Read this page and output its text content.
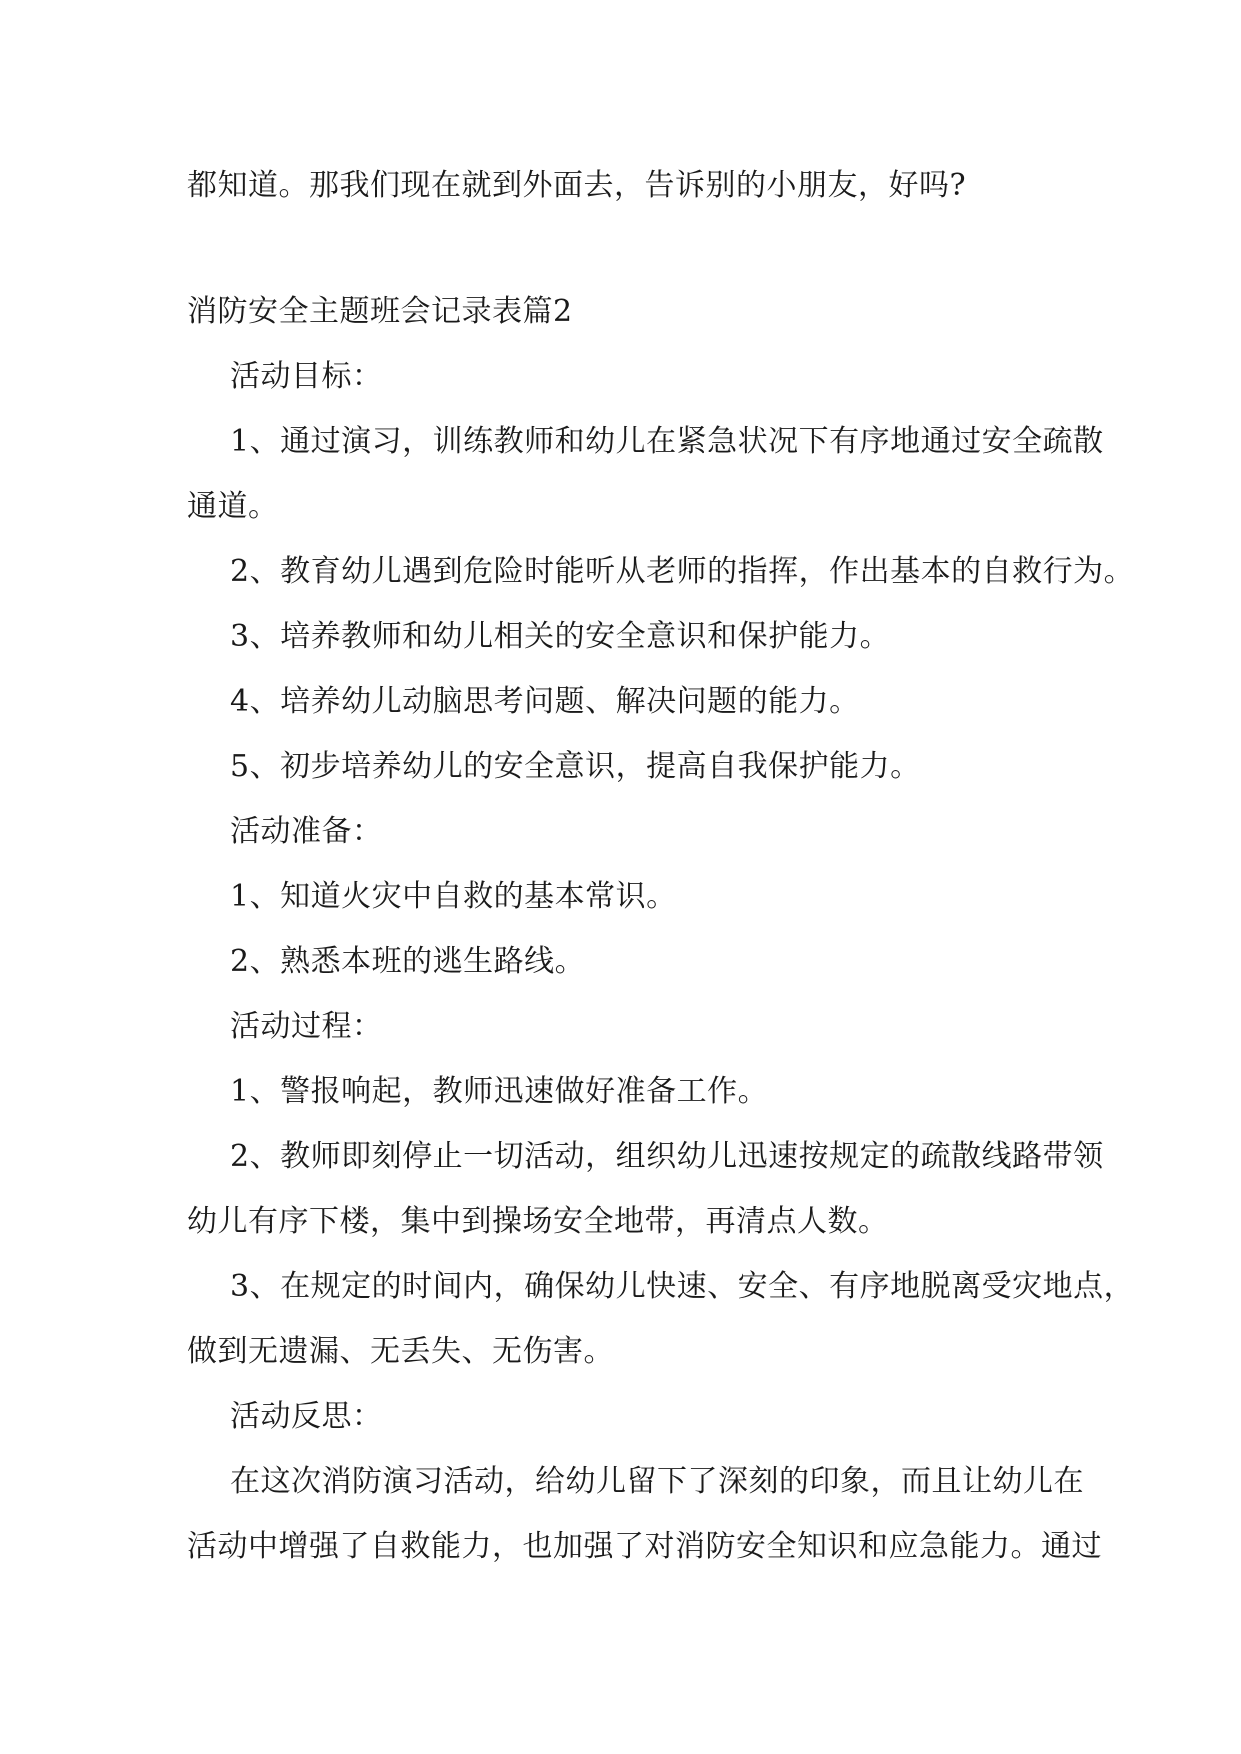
都知道。那我们现在就到外面去，告诉别的小朋友，好吗?
消防安全主题班会记录表篇2
活动目标：
1、通过演习，训练教师和幼儿在紧急状况下有序地通过安全疏散
通道。
2、教育幼儿遇到危险时能听从老师的指挥，作出基本的自救行为。
3、培养教师和幼儿相关的安全意识和保护能力。
4、培养幼儿动脑思考问题、解决问题的能力。
5、初步培养幼儿的安全意识，提高自我保护能力。
活动准备：
1、知道火灾中自救的基本常识。
2、熟悉本班的逃生路线。
活动过程：
1、警报响起，教师迅速做好准备工作。
2、教师即刻停止一切活动，组织幼儿迅速按规定的疏散线路带领
幼儿有序下楼，集中到操场安全地带，再清点人数。
3、在规定的时间内，确保幼儿快速、安全、有序地脱离受灾地点，
做到无遗漏、无丢失、无伤害。
活动反思：
在这次消防演习活动，给幼儿留下了深刻的印象，而且让幼儿在
活动中增强了自救能力，也加强了对消防安全知识和应急能力。通过
